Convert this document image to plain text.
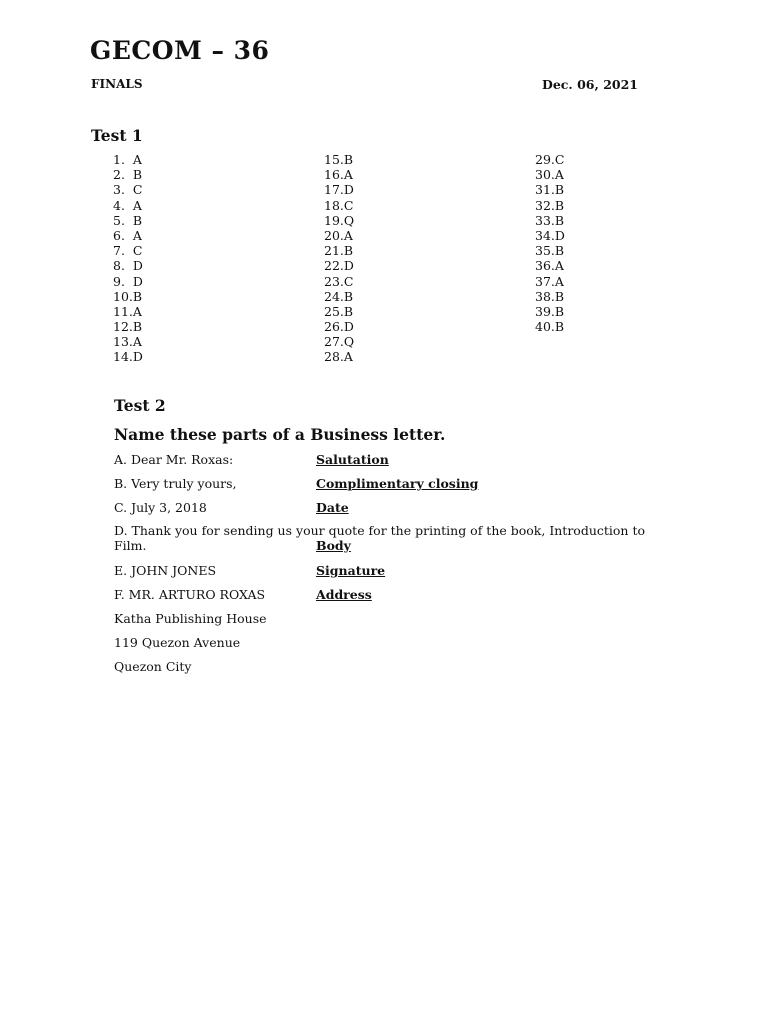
GECOM – 36
FINALS	Dec. 06, 2021
Test 1
1.  A
2.  B
3.  C
4.  A
5.  B
6.  A
7.  C
8.  D
9.  D
10.B
11.A
12.B
13.A
14.D
15.B
16.A
17.D
18.C
19.Q
20.A
21.B
22.D
23.C
24.B
25.B
26.D
27.Q
28.A
29.C
30.A
31.B
32.B
33.B
34.D
35.B
36.A
37.A
38.B
39.B
40.B
Test 2
Name these parts of a Business letter.
A. Dear Mr. Roxas:	Salutation
B. Very truly yours,	Complimentary closing
C. July 3, 2018	Date
D. Thank you for sending us your quote for the printing of the book, Introduction to Film.	Body
E. JOHN JONES	Signature
F. MR. ARTURO ROXAS	Address
Katha Publishing House
119 Quezon Avenue
Quezon City
